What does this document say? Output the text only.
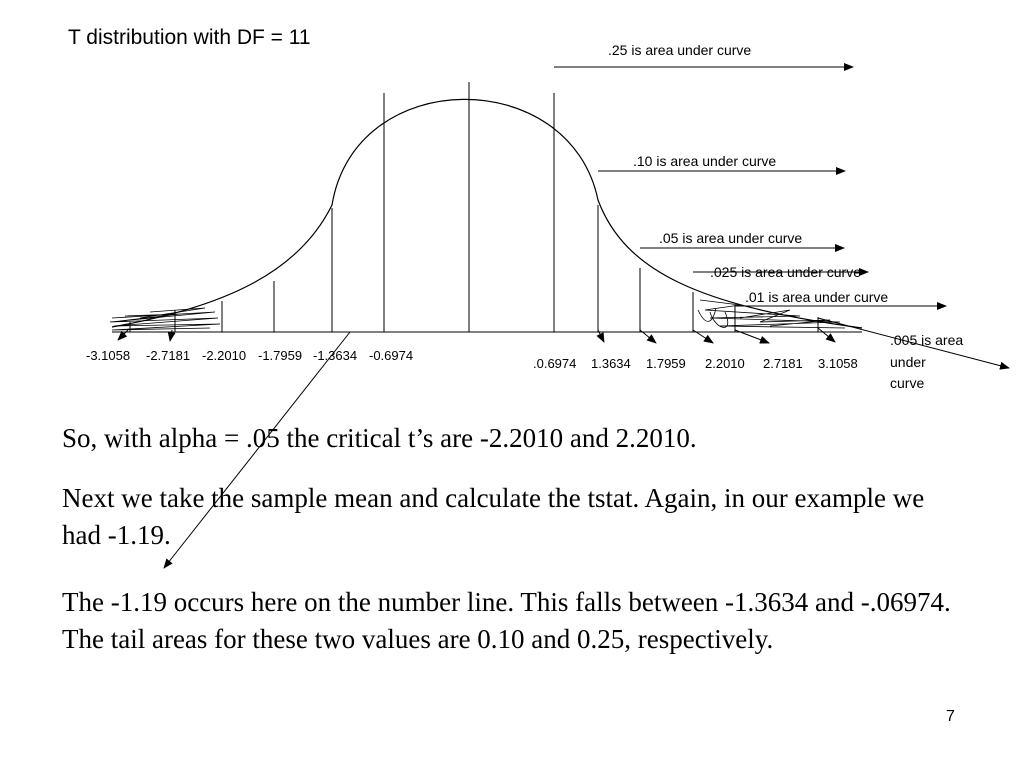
-3.1058 -2.7181 -2.2010 -1.7959 -1.3634 -0.6974
.0.6974 1.3634 1.7959 2.2010 2.7181 3.1058
.25 is area under curve
.10 is area under curve
.05 is area under curve
.025 is area under curve
.01 is area under curve
.005 is area
under
curve
T distribution with DF = 11

So, with alpha = .05 the critical t’s are -2.2010 and 2.2010.

Next we take the sample mean and calculate the tstat. Again, in our example we had -1.19.

The -1.19 occurs here on the number line. This falls between -1.3634 and -.06974. The tail areas for these two values are 0.10 and 0.25, respectively.

7
